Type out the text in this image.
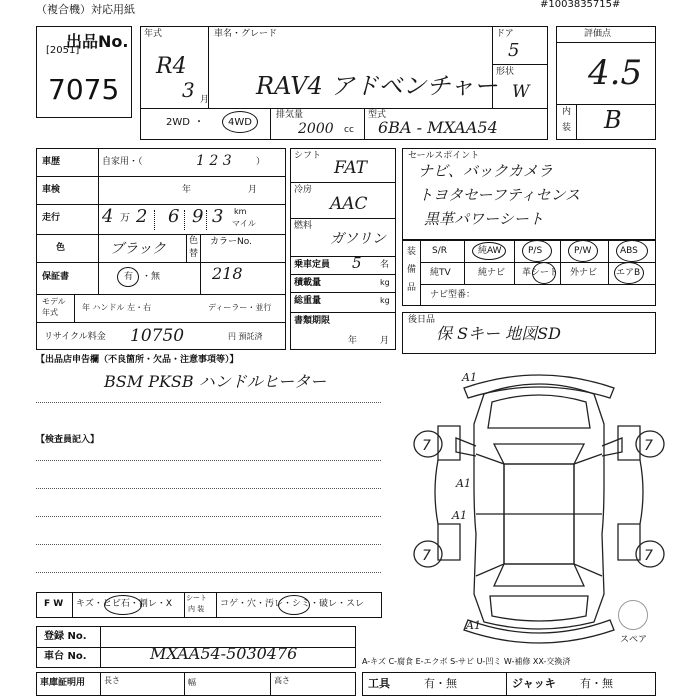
（複合機）対応用紙	#1003835715#
出品No.
[2051]
7075
年式
R4
3 月
車名・グレード
RAV4 アドベンチャー
ドア
5
形状
W
2WD ・ 4WD
排気量
2000 cc
型式
6BA - MXAA54
評価点
4.5
内
装 B
車歴	自家用・（	1 2 3	）
車検	年	月
走行 4 万 2 6 9 3 km
マイル
色	ブラック	色
替
カラーNo.
218
保証書	有 ・無
モデル
年式
年 ハンドル 左・右	ディーラー・並行
リサイクル料金 10750	円 預託済
シフト
FAT
冷房
AAC
燃料
ガソリン
乗車定員 5 名
積載量	kg
総重量	kg
書類期限
年	月
セールスポイント
ナビ、バックカメラ
トヨタセーフティセンス
黒革パワーシート
装
備
品
S/R	純AW	P/S	P/W	ABS
純TV	純ナビ 革シート 外ナビ エアB
ナビ型番：
後日品
保 Sキー 地図SD
【出品店申告欄（不良箇所・欠品・注意事項等）】
BSM PKSB ハンドルヒーター
【検査員記入】	7	7
7	7
A1
A1
A1
A1
スペア
F W キズ・ヒビ石・割レ・X
シート
内 装 コゲ・穴・汚レ・シミ・破レ・スレ
登録 No.
車台 No.	MXAA54-5030476
車庫証明用 長さ	幅	高さ
A-キズ C-腐食 E-エクボ S-サビ U-凹ミ W-補修 XX-交換済
工具	有・無	ジャッキ 有・無
